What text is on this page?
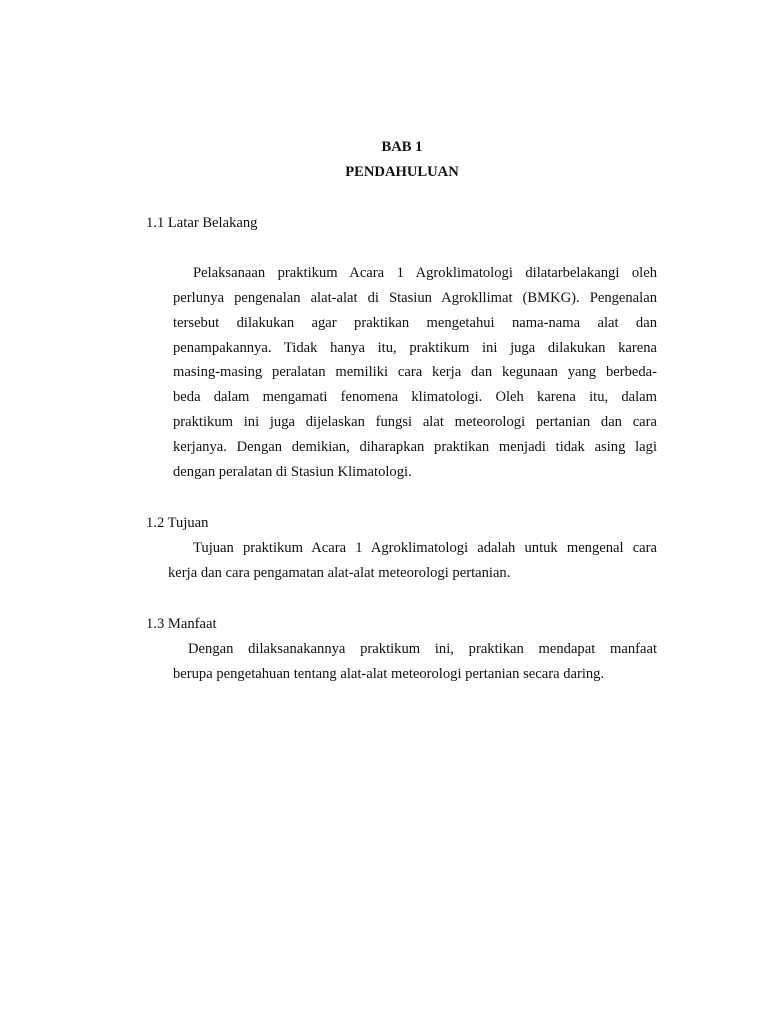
BAB 1
PENDAHULUAN
1.1 Latar Belakang
Pelaksanaan praktikum Acara 1 Agroklimatologi dilatarbelakangi oleh
perlunya pengenalan alat-alat di Stasiun Agrokllimat (BMKG). Pengenalan
tersebut dilakukan agar praktikan mengetahui nama-nama alat dan
penampakannya. Tidak hanya itu, praktikum ini juga dilakukan karena
masing-masing peralatan memiliki cara kerja dan kegunaan yang berbeda-
beda dalam mengamati fenomena klimatologi. Oleh karena itu, dalam
praktikum ini juga dijelaskan fungsi alat meteorologi pertanian dan cara
kerjanya. Dengan demikian, diharapkan praktikan menjadi tidak asing lagi
dengan peralatan di Stasiun Klimatologi.
1.2 Tujuan
Tujuan praktikum Acara 1 Agroklimatologi adalah untuk mengenal cara
kerja dan cara pengamatan alat-alat meteorologi pertanian.
1.3 Manfaat
Dengan dilaksanakannya praktikum ini, praktikan mendapat manfaat
berupa pengetahuan tentang alat-alat meteorologi pertanian secara daring.
